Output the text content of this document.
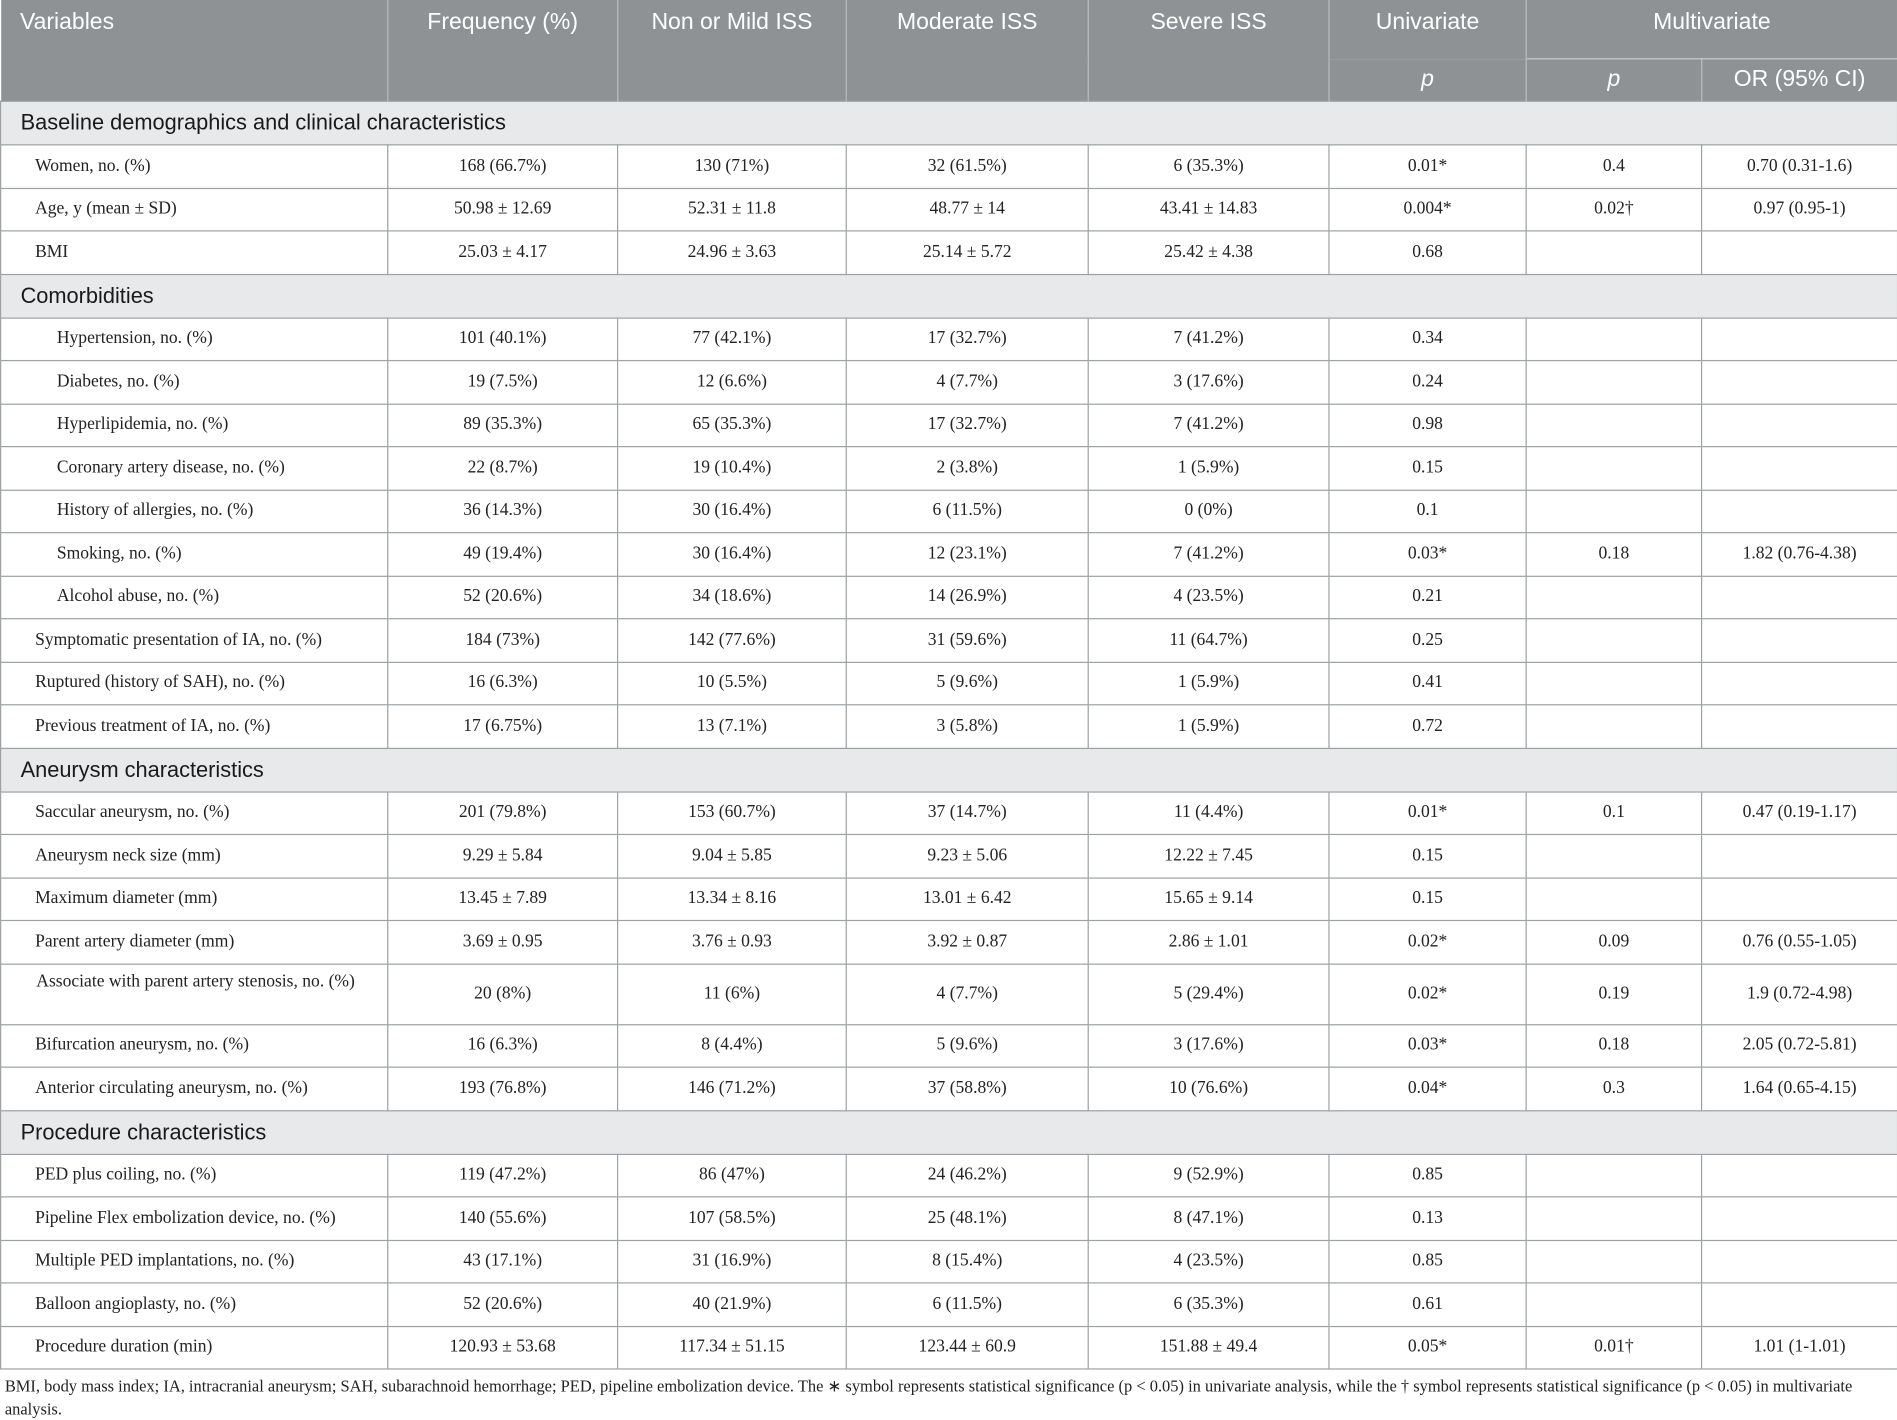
Variables	Frequency (%)	Non or Mild ISS	Moderate ISS	Severe ISS	Univariate	Multivariate	
					p	p	OR (95% CI)
Baseline demographics and clinical characteristics							
Women, no. (%)	168 (66.7%)	130 (71%)	32 (61.5%)	6 (35.3%)	0.01*	0.4	0.70 (0.31-1.6)
Age, y (mean ± SD)	50.98 ± 12.69	52.31 ± 11.8	48.77 ± 14	43.41 ± 14.83	0.004*	0.02†	0.97 (0.95-1)
BMI	25.03 ± 4.17	24.96 ± 3.63	25.14 ± 5.72	25.42 ± 4.38	0.68		
Comorbidities							
Hypertension, no. (%)	101 (40.1%)	77 (42.1%)	17 (32.7%)	7 (41.2%)	0.34		
Diabetes, no. (%)	19 (7.5%)	12 (6.6%)	4 (7.7%)	3 (17.6%)	0.24		
Hyperlipidemia, no. (%)	89 (35.3%)	65 (35.3%)	17 (32.7%)	7 (41.2%)	0.98		
Coronary artery disease, no. (%)	22 (8.7%)	19 (10.4%)	2 (3.8%)	1 (5.9%)	0.15		
History of allergies, no. (%)	36 (14.3%)	30 (16.4%)	6 (11.5%)	0 (0%)	0.1		
Smoking, no. (%)	49 (19.4%)	30 (16.4%)	12 (23.1%)	7 (41.2%)	0.03*	0.18	1.82 (0.76-4.38)
Alcohol abuse, no. (%)	52 (20.6%)	34 (18.6%)	14 (26.9%)	4 (23.5%)	0.21		
Symptomatic presentation of IA, no. (%)	184 (73%)	142 (77.6%)	31 (59.6%)	11 (64.7%)	0.25		
Ruptured (history of SAH), no. (%)	16 (6.3%)	10 (5.5%)	5 (9.6%)	1 (5.9%)	0.41		
Previous treatment of IA, no. (%)	17 (6.75%)	13 (7.1%)	3 (5.8%)	1 (5.9%)	0.72		
Aneurysm characteristics							
Saccular aneurysm, no. (%)	201 (79.8%)	153 (60.7%)	37 (14.7%)	11 (4.4%)	0.01*	0.1	0.47 (0.19-1.17)
Aneurysm neck size (mm)	9.29 ± 5.84	9.04 ± 5.85	9.23 ± 5.06	12.22 ± 7.45	0.15		
Maximum diameter (mm)	13.45 ± 7.89	13.34 ± 8.16	13.01 ± 6.42	15.65 ± 9.14	0.15		
Parent artery diameter (mm)	3.69 ± 0.95	3.76 ± 0.93	3.92 ± 0.87	2.86 ± 1.01	0.02*	0.09	0.76 (0.55-1.05)
Associate with parent artery stenosis, no. (%)	20 (8%)	11 (6%)	4 (7.7%)	5 (29.4%)	0.02*	0.19	1.9 (0.72-4.98)
Bifurcation aneurysm, no. (%)	16 (6.3%)	8 (4.4%)	5 (9.6%)	3 (17.6%)	0.03*	0.18	2.05 (0.72-5.81)
Anterior circulating aneurysm, no. (%)	193 (76.8%)	146 (71.2%)	37 (58.8%)	10 (76.6%)	0.04*	0.3	1.64 (0.65-4.15)
Procedure characteristics							
PED plus coiling, no. (%)	119 (47.2%)	86 (47%)	24 (46.2%)	9 (52.9%)	0.85		
Pipeline Flex embolization device, no. (%)	140 (55.6%)	107 (58.5%)	25 (48.1%)	8 (47.1%)	0.13		
Multiple PED implantations, no. (%)	43 (17.1%)	31 (16.9%)	8 (15.4%)	4 (23.5%)	0.85		
Balloon angioplasty, no. (%)	52 (20.6%)	40 (21.9%)	6 (11.5%)	6 (35.3%)	0.61		
Procedure duration (min)	120.93 ± 53.68	117.34 ± 51.15	123.44 ± 60.9	151.88 ± 49.4	0.05*	0.01†	1.01 (1-1.01)
BMI, body mass index; IA, intracranial aneurysm; SAH, subarachnoid hemorrhage; PED, pipeline embolization device. The ∗ symbol represents statistical significance (p < 0.05) in univariate analysis, while the † symbol represents statistical significance (p < 0.05) in multivariate analysis.
